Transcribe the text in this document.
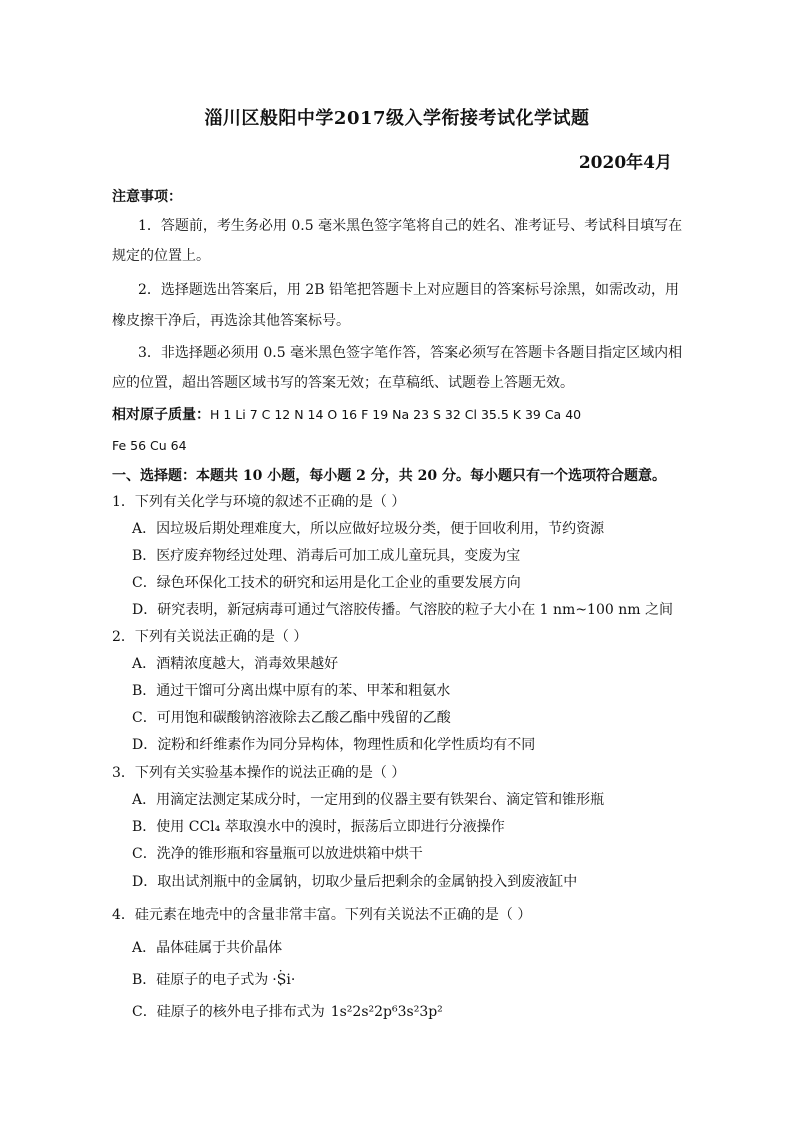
淄川区般阳中学2017级入学衔接考试化学试题
2020年4月
注意事项：
1．答题前，考生务必用 0.5 毫米黑色签字笔将自己的姓名、准考证号、考试科目填写在
规定的位置上。
2．选择题选出答案后，用 2B 铅笔把答题卡上对应题目的答案标号涂黑，如需改动，用
橡皮擦干净后，再选涂其他答案标号。
3．非选择题必须用 0.5 毫米黑色签字笔作答，答案必须写在答题卡各题目指定区域内相
应的位置，超出答题区域书写的答案无效；在草稿纸、试题卷上答题无效。
相对原子质量：H 1 Li 7 C 12 N 14 O 16 F 19 Na 23 S 32 Cl 35.5 K 39 Ca 40
Fe 56 Cu 64
一、选择题：本题共 10 小题，每小题 2 分，共 20 分。每小题只有一个选项符合题意。
1．下列有关化学与环境的叙述不正确的是（ ）
A．因垃圾后期处理难度大，所以应做好垃圾分类，便于回收利用，节约资源
B．医疗废弃物经过处理、消毒后可加工成儿童玩具，变废为宝
C．绿色环保化工技术的研究和运用是化工企业的重要发展方向
D．研究表明，新冠病毒可通过气溶胶传播。气溶胶的粒子大小在 1 nm~100 nm 之间
2．下列有关说法正确的是（ ）
A．酒精浓度越大，消毒效果越好
B．通过干馏可分离出煤中原有的苯、甲苯和粗氨水
C．可用饱和碳酸钠溶液除去乙酸乙酯中残留的乙酸
D．淀粉和纤维素作为同分异构体，物理性质和化学性质均有不同
3．下列有关实验基本操作的说法正确的是（ ）
A．用滴定法测定某成分时，一定用到的仪器主要有铁架台、滴定管和锥形瓶
B．使用 CCl₄ 萃取溴水中的溴时，振荡后立即进行分液操作
C．洗净的锥形瓶和容量瓶可以放进烘箱中烘干
D．取出试剂瓶中的金属钠，切取少量后把剩余的金属钠投入到废液缸中
4．硅元素在地壳中的含量非常丰富。下列有关说法不正确的是（ ）
A．晶体硅属于共价晶体
B．硅原子的电子式为 ·· Si ··
C．硅原子的核外电子排布式为 1s²2s²2p⁶3s²3p²
